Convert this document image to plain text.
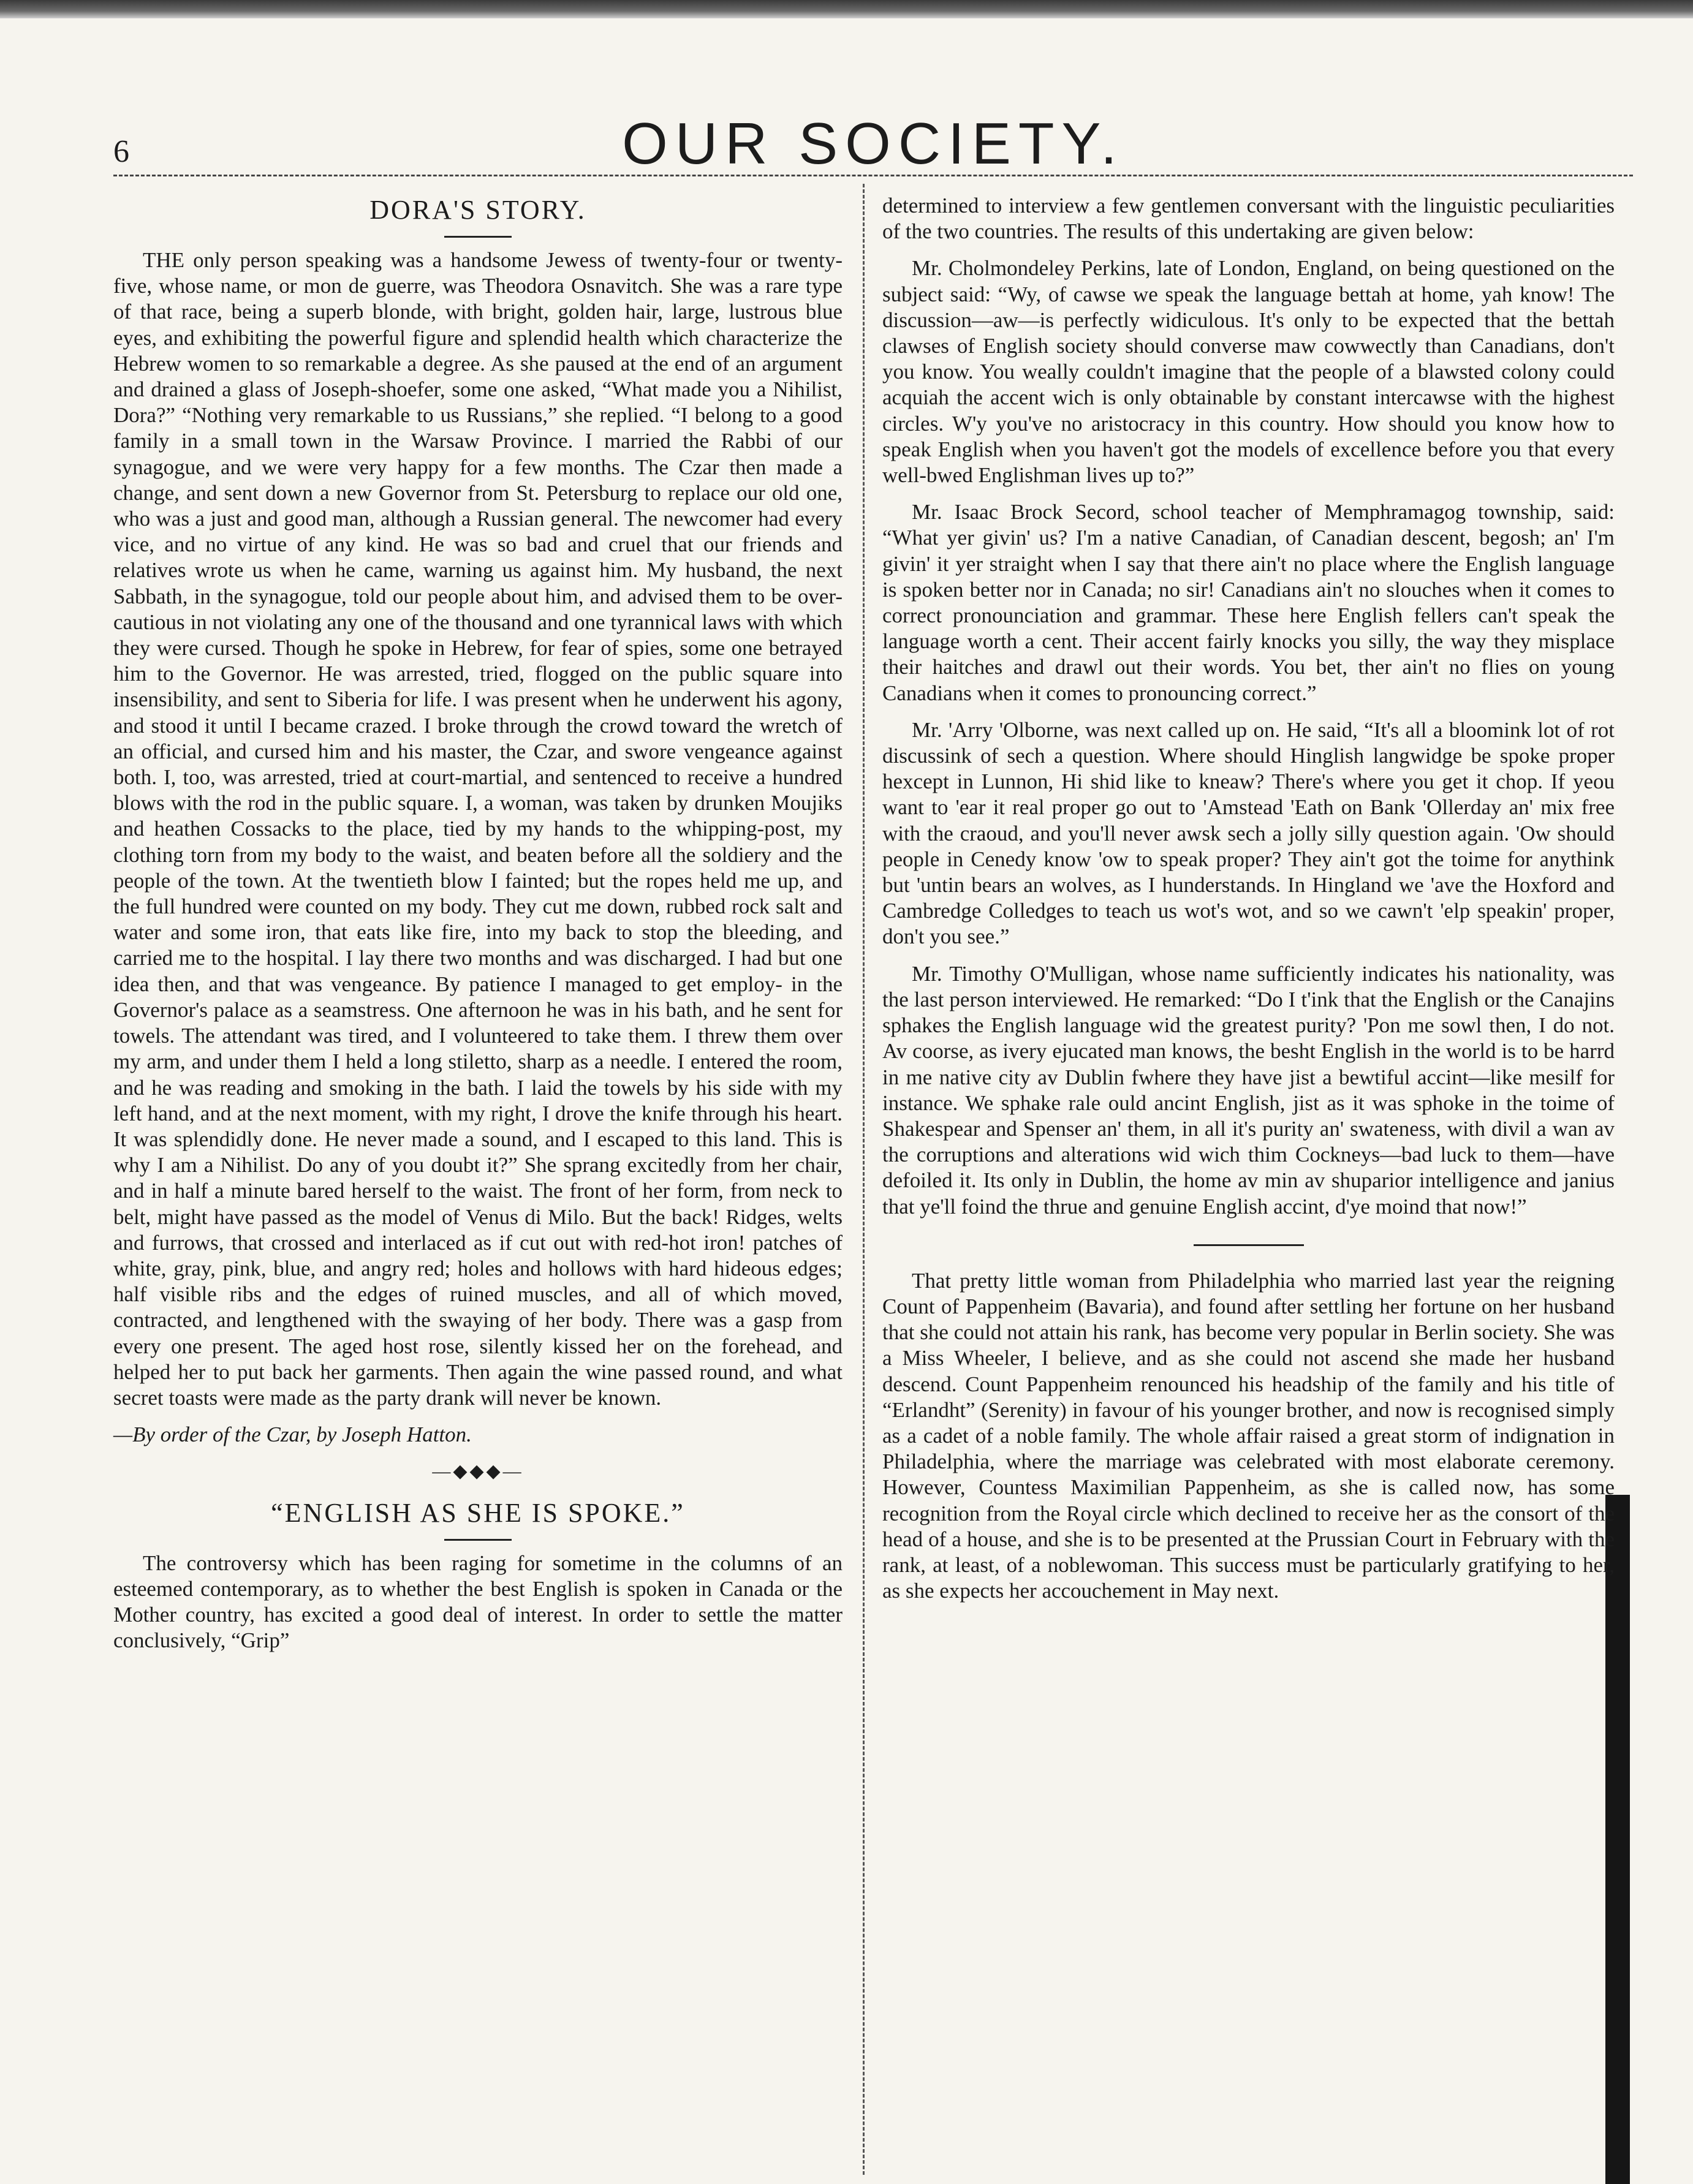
6	OUR SOCIETY.
DORA'S STORY.

THE only person speaking was a handsome Jewess of twenty-four or twenty-five, whose name, or mon de guerre, was Theodora Osnavitch. She was a rare type of that race, being a superb blonde, with bright, golden hair, large, lustrous blue eyes, and exhibiting the powerful figure and splendid health which characterize the Hebrew women to so remarkable a degree. As she paused at the end of an argument and drained a glass of Joseph-shoefer, some one asked, “What made you a Nihilist, Dora?” “Nothing very remarkable to us Russians,” she replied. “I belong to a good family in a small town in the Warsaw Province. I married the Rabbi of our synagogue, and we were very happy for a few months. The Czar then made a change, and sent down a new Governor from St. Petersburg to replace our old one, who was a just and good man, although a Russian general. The newcomer had every vice, and no virtue of any kind. He was so bad and cruel that our friends and relatives wrote us when he came, warning us against him. My husband, the next Sabbath, in the synagogue, told our people about him, and advised them to be over-cautious in not violating any one of the thousand and one tyrannical laws with which they were cursed. Though he spoke in Hebrew, for fear of spies, some one betrayed him to the Governor. He was arrested, tried, flogged on the public square into insensibility, and sent to Siberia for life. I was present when he underwent his agony, and stood it until I became crazed. I broke through the crowd toward the wretch of an official, and cursed him and his master, the Czar, and swore vengeance against both. I, too, was arrested, tried at court-martial, and sentenced to receive a hundred blows with the rod in the public square. I, a woman, was taken by drunken Moujiks and heathen Cossacks to the place, tied by my hands to the whipping-post, my clothing torn from my body to the waist, and beaten before all the soldiery and the people of the town. At the twentieth blow I fainted; but the ropes held me up, and the full hundred were counted on my body. They cut me down, rubbed rock salt and water and some iron, that eats like fire, into my back to stop the bleeding, and carried me to the hospital. I lay there two months and was discharged. I had but one idea then, and that was vengeance. By patience I managed to get employ- in the Governor's palace as a seamstress. One afternoon he was in his bath, and he sent for towels. The attendant was tired, and I volunteered to take them. I threw them over my arm, and under them I held a long stiletto, sharp as a needle. I entered the room, and he was reading and smoking in the bath. I laid the towels by his side with my left hand, and at the next moment, with my right, I drove the knife through his heart. It was splendidly done. He never made a sound, and I escaped to this land. This is why I am a Nihilist. Do any of you doubt it?” She sprang excitedly from her chair, and in half a minute bared herself to the waist. The front of her form, from neck to belt, might have passed as the model of Venus di Milo. But the back! Ridges, welts and furrows, that crossed and interlaced as if cut out with red-hot iron! patches of white, gray, pink, blue, and angry red; holes and hollows with hard hideous edges; half visible ribs and the edges of ruined muscles, and all of which moved, contracted, and lengthened with the swaying of her body. There was a gasp from every one present. The aged host rose, silently kissed her on the forehead, and helped her to put back her garments. Then again the wine passed round, and what secret toasts were made as the party drank will never be known.

—By order of the Czar, by Joseph Hatton.

—◆◆◆—
“ENGLISH AS SHE IS SPOKE.”

The controversy which has been raging for sometime in the columns of an esteemed contemporary, as to whether the best English is spoken in Canada or the Mother country, has excited a good deal of interest. In order to settle the matter conclusively, “Grip”

determined to interview a few gentlemen conversant with the linguistic peculiarities of the two countries. The results of this undertaking are given below:

Mr. Cholmondeley Perkins, late of London, England, on being questioned on the subject said: “Wy, of cawse we speak the language bettah at home, yah know! The discussion—aw—is perfectly widiculous. It's only to be expected that the bettah clawses of English society should converse maw cowwectly than Canadians, don't you know. You weally couldn't imagine that the people of a blawsted colony could acquiah the accent wich is only obtainable by constant intercawse with the highest circles. W'y you've no aristocracy in this country. How should you know how to speak English when you haven't got the models of excellence before you that every well-bwed Englishman lives up to?”

Mr. Isaac Brock Secord, school teacher of Memphramagog township, said: “What yer givin' us? I'm a native Canadian, of Canadian descent, begosh; an' I'm givin' it yer straight when I say that there ain't no place where the English language is spoken better nor in Canada; no sir! Canadians ain't no slouches when it comes to correct pronounciation and grammar. These here English fellers can't speak the language worth a cent. Their accent fairly knocks you silly, the way they misplace their haitches and drawl out their words. You bet, ther ain't no flies on young Canadians when it comes to pronouncing correct.”

Mr. 'Arry 'Olborne, was next called up on. He said, “It's all a bloomink lot of rot discussink of sech a question. Where should Hinglish langwidge be spoke proper hexcept in Lunnon, Hi shid like to kneaw? There's where you get it chop. If yeou want to 'ear it real proper go out to 'Amstead 'Eath on Bank 'Ollerday an' mix free with the craoud, and you'll never awsk sech a jolly silly question again. 'Ow should people in Cenedy know 'ow to speak proper? They ain't got the toime for anythink but 'untin bears an wolves, as I hunderstands. In Hingland we 'ave the Hoxford and Cambredge Colledges to teach us wot's wot, and so we cawn't 'elp speakin' proper, don't you see.”

Mr. Timothy O'Mulligan, whose name sufficiently indicates his nationality, was the last person interviewed. He remarked: “Do I t'ink that the English or the Canajins sphakes the English language wid the greatest purity? 'Pon me sowl then, I do not. Av coorse, as ivery ejucated man knows, the besht English in the world is to be harrd in me native city av Dublin fwhere they have jist a bewtiful accint—like mesilf for instance. We sphake rale ould ancint English, jist as it was sphoke in the toime of Shakespear and Spenser an' them, in all it's purity an' swateness, with divil a wan av the corruptions and alterations wid wich thim Cockneys—bad luck to them—have defoiled it. Its only in Dublin, the home av min av shuparior intelligence and janius that ye'll foind the thrue and genuine English accint, d'ye moind that now!”

That pretty little woman from Philadelphia who married last year the reigning Count of Pappenheim (Bavaria), and found after settling her fortune on her husband that she could not attain his rank, has become very popular in Berlin society. She was a Miss Wheeler, I believe, and as she could not ascend she made her husband descend. Count Pappenheim renounced his headship of the family and his title of “Erlandht” (Serenity) in favour of his younger brother, and now is recognised simply as a cadet of a noble family. The whole affair raised a great storm of indignation in Philadelphia, where the marriage was celebrated with most elaborate ceremony. However, Countess Maximilian Pappenheim, as she is called now, has some recognition from the Royal circle which declined to receive her as the consort of the head of a house, and she is to be presented at the Prussian Court in February with the rank, at least, of a noblewoman. This success must be particularly gratifying to her, as she expects her accouchement in May next.
